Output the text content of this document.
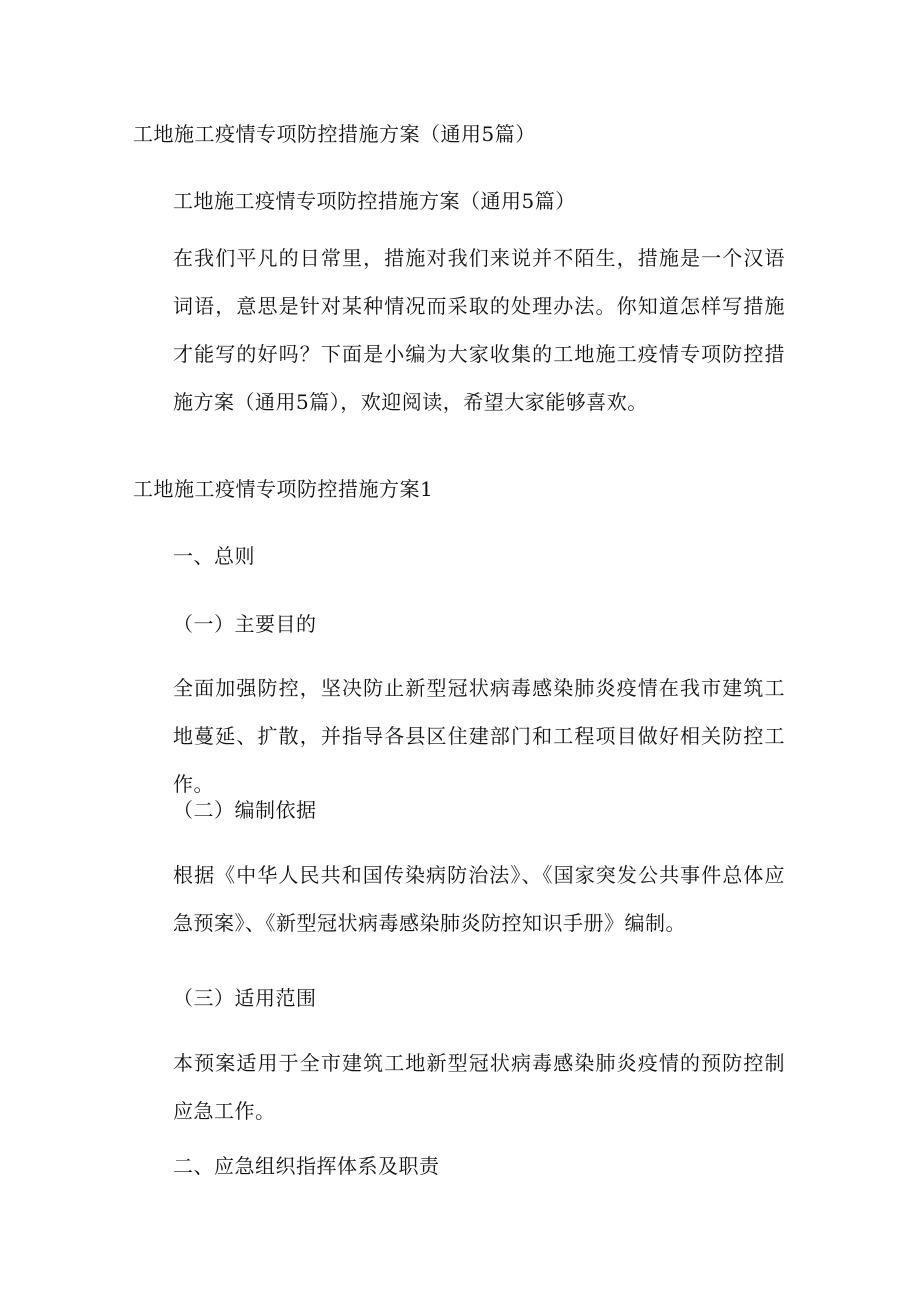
工地施工疫情专项防控措施方案（通用5篇）
工地施工疫情专项防控措施方案（通用5篇）
在我们平凡的日常里，措施对我们来说并不陌生，措施是一个汉语词语，意思是针对某种情况而采取的处理办法。你知道怎样写措施才能写的好吗？下面是小编为大家收集的工地施工疫情专项防控措施方案（通用5篇），欢迎阅读，希望大家能够喜欢。
工地施工疫情专项防控措施方案1
一、总则
（一）主要目的
全面加强防控，坚决防止新型冠状病毒感染肺炎疫情在我市建筑工地蔓延、扩散，并指导各县区住建部门和工程项目做好相关防控工作。
（二）编制依据
根据《中华人民共和国传染病防治法》、《国家突发公共事件总体应急预案》、《新型冠状病毒感染肺炎防控知识手册》编制。
（三）适用范围
本预案适用于全市建筑工地新型冠状病毒感染肺炎疫情的预防控制应急工作。
二、应急组织指挥体系及职责
